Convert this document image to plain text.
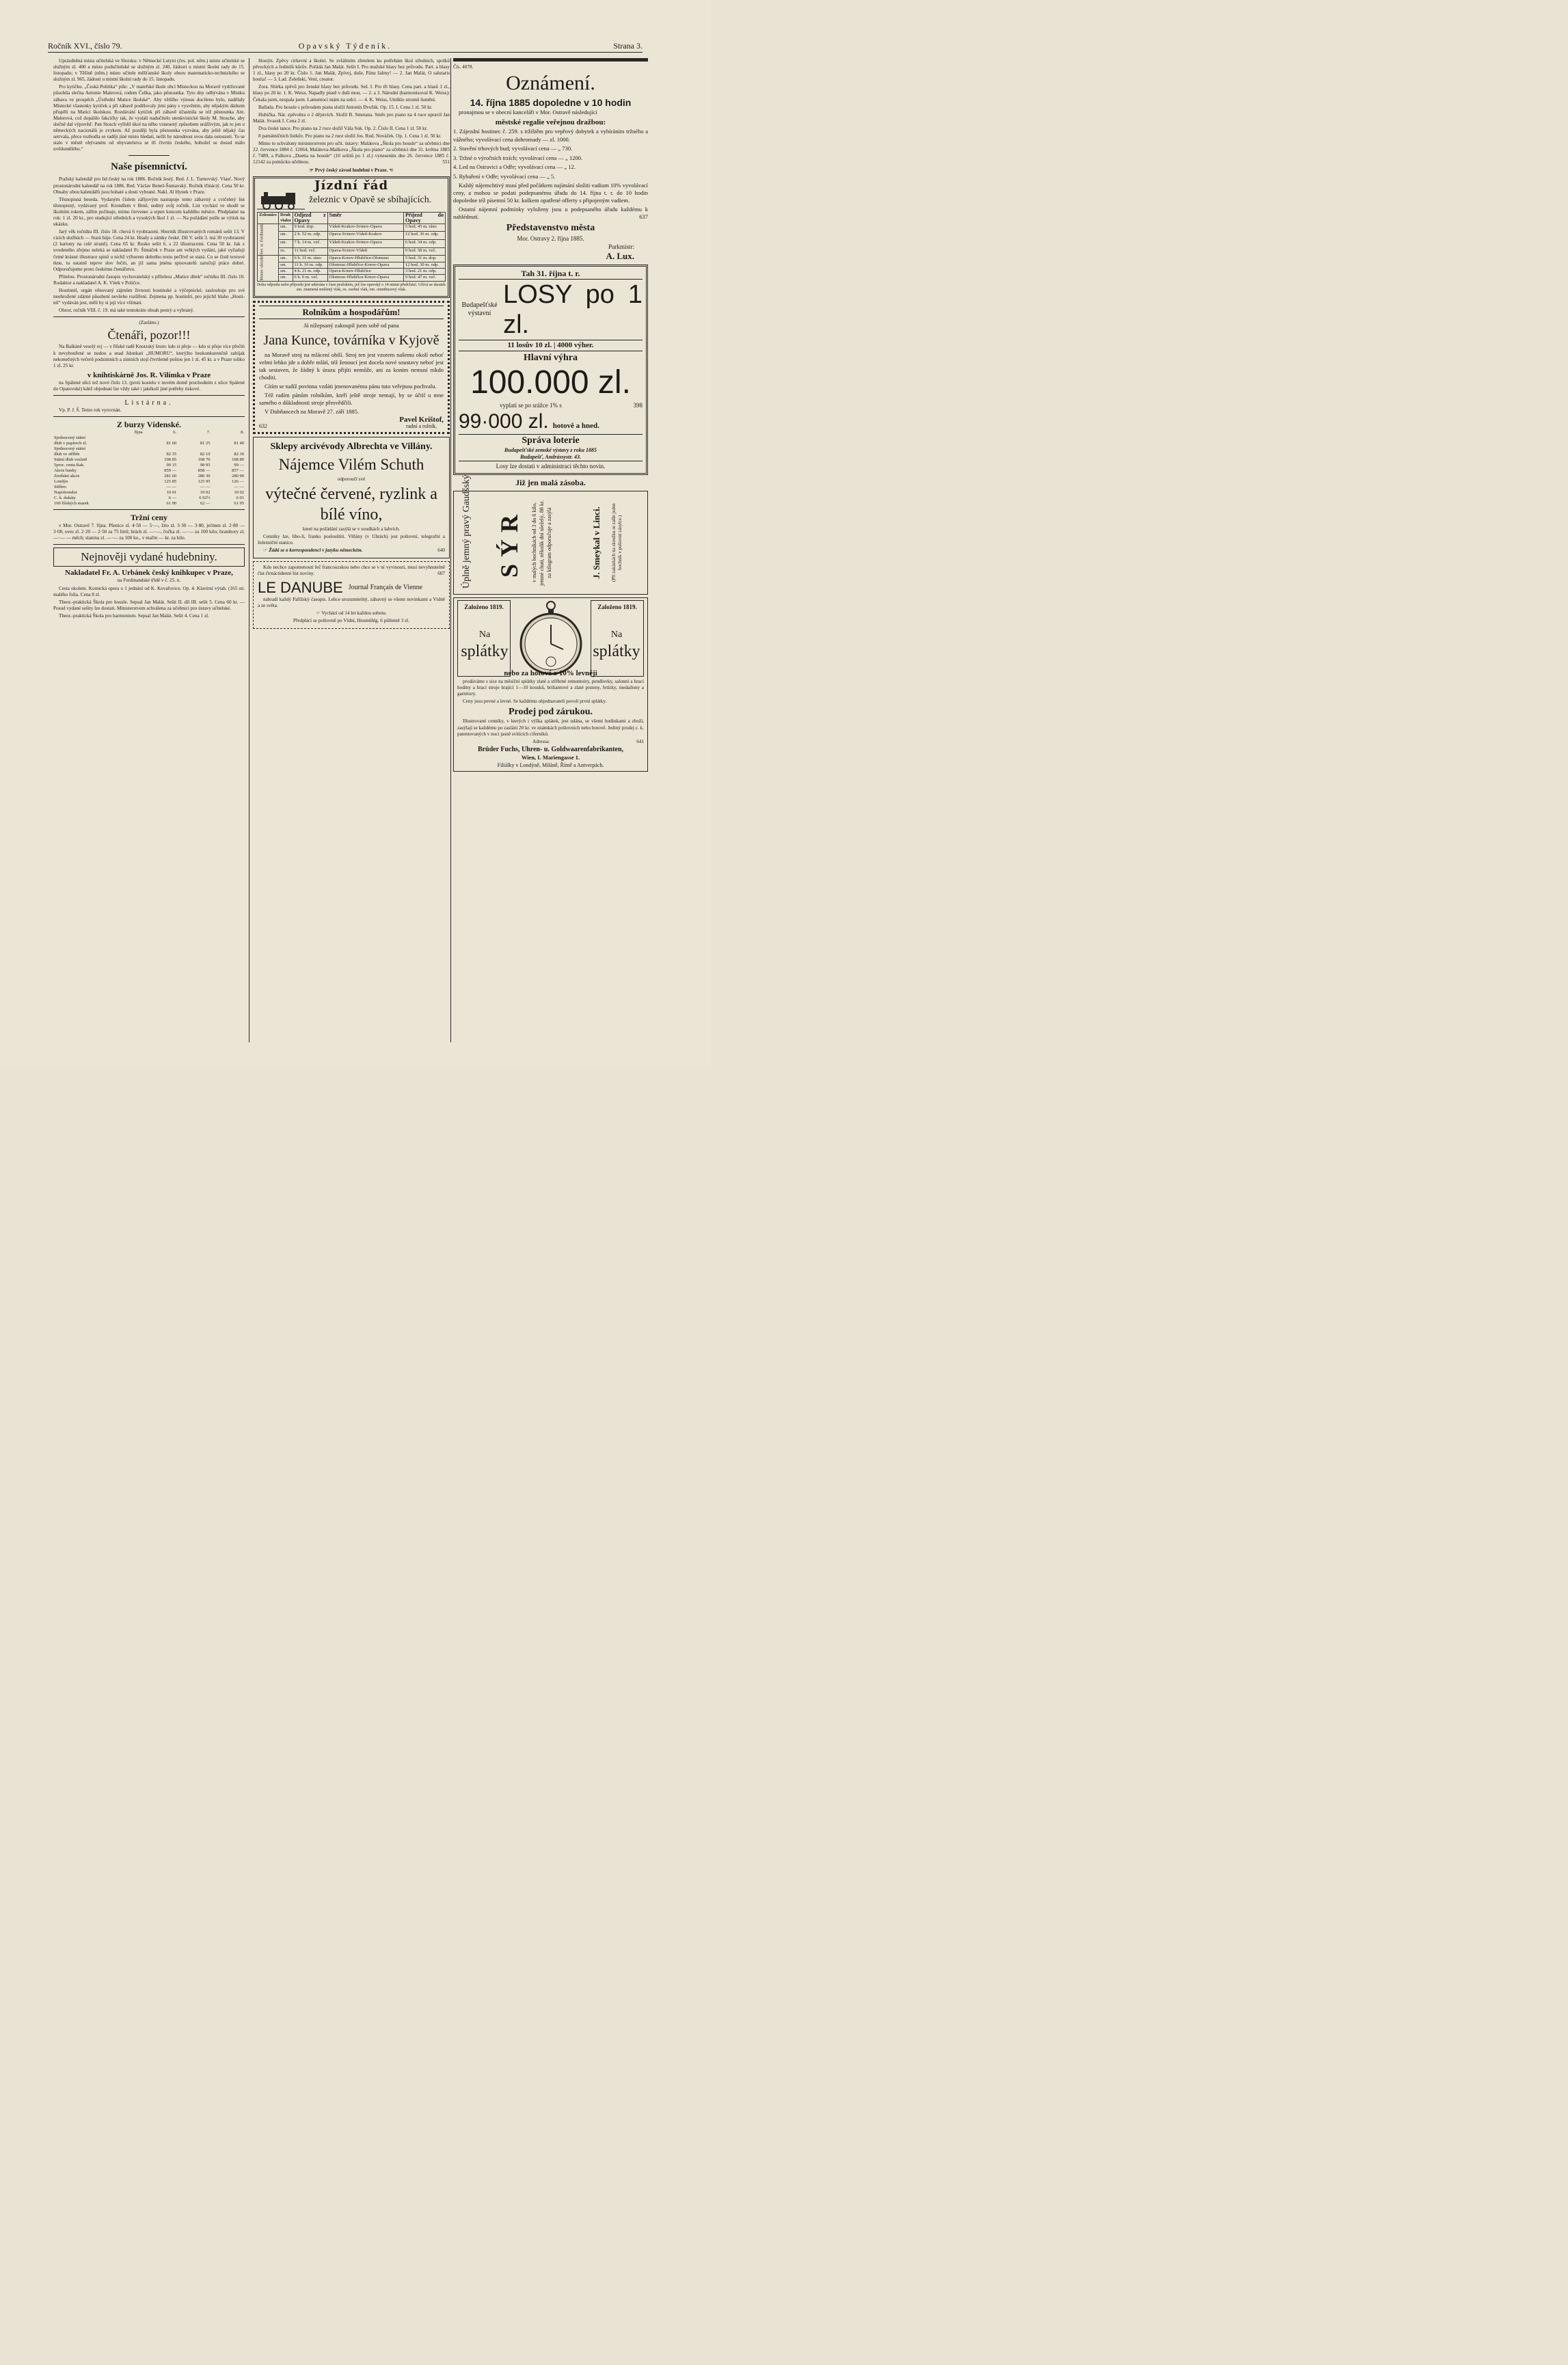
Ročník XVI., číslo 79.	Opavský Týdeník.	Strana 3.

Uprázdněná místa učitelská ve Slezsku: v Německé Lutyni (čes. pol. něm.) místo učitelské se služným zl. 400 a místo podučitelské se služným zl. 240, žádosti u místní školní rady do 15. listopadu; v Těšíně (něm.) místo učitele měšťanské školy oboru matematicko-technického se služným zl. 965, žádosti u místní školní rady do 15. listopadu.

Pro kytičku. „Česká Politika“ píše: „V mateřské škole obcí Místeckou na Moravě vydržované působila slečna Antonie Malerová, rodem Češka, jako pěstounka. Tyto dny odbývána v Místku zábava ve prospěch „Ústřední Matice školské“. Aby většího výnosu docíleno bylo, nadělaly Místecké vlastenky kytiček a při zábavě podělovaly jimi pány s vysvěním, aby nějakým dárkem přispěli na Matici školskou. Rozdávání kytiček při zábavě účastnila se též pěstounka Ant. Malerová, což dopálilo fakcičky tak, že vyslali nadučitelo utenkvistické školy M. Stosche, aby slečně dal výpověď. Pan Stosch vyřídil úkol na něho vznesený způsobem urážlivým, jak to jen u německých nacionálů je zvykem. Až později byla pěstounka vyzvána, aby ještě nějaký čas setrvala, přece rozhodla se raději jiné místo hledati, nežli by národnost svou dala ostouzeti. To se stalo v městě obývaném od obyvatelstva se tří čtvrtin českého, bohužel se dosud málo uvědomělého.“

Naše písemnictví.

Pražský kalendář pro lid český na rok 1886. Ročník šestý. Red. J. L. Turnovský. Vlasť. Nový prostonárodní kalendář na rok 1886. Red. Václav Beneš-Šumavský. Ročník třináctý. Cena 50 kr. Obsahy obou kalendářů jsou bohaté a dosti vybrané. Nakl. Al Hynek v Praze.

Těsnopisná beseda. Vydaným číslem zářijovým nastupuje tento zábavný a cvičebný list těsnopisný, vydávaný prof. Krondlem v Brně, sedmý svůj ročník. List vychází ve shodě se školním rokem, zářím počínaje, mimo červenec a srpen koncem každého měsíce. Předplatné na rok: 1 zl. 20 kr., pro studující středních a vysokých škol 1 zl. — Na požádání pošle se výtisk na ukázku.

Jarý věk ročníku III. číslo 18. chová 6 vyobrazení. Sborník illustrovaných románů sešit 13. V cizích službách — Stará báje. Cena 24 kr. Hrady a zámky české. Díl V. sešit 3. má 30 vyobrazení (2 kartony na celé straně). Cena 65 kr. Rusko sešit 6. s 22 illustracemi. Cena 50 kr. Jak z uvedeného zřejmo neleká se nakladatel Fr. Šimáček v Praze ani velkých vydání, jaké vyžadují četné krásné illustrace spisů u nichž výborem dobrého textu pečlivě se stará. Co se čistě textové tkne, tu ostatně teprve slov řečiti, an již sama jména spisovatelů zaručují práce dobré. Odporučujeme proto českému čtenářstvu.

Přítelou. Prostonárodní časopis vychovatelský s přílohou „Matice dítek“ ročníku III. číslo 10. Rodaktor a nakladatel A. K. Vítek v Poličce.

Hostinnil, orgán věnovaný zájmům živnosti hostinské a výčepnické, zaslouhuje pro své neohrožené zdárné působení nevšeho rozšíření. Zejmena pp. hostinští, pro jejichž blaho „Hostinil“ vydáván jest, měli by si její více všímati.

Obzor, ročník VIII. č. 19. má také tentokráte obsah pestrý a vybraný.

(Zasláno.)

Čtenáři, pozor!!!

Na Balkáně veselý rej — v říšské radě Knotzský šrum: kdo si přeje — kdo si přeje více přečíti k nevybouřené se nudou a snad ždonkati „HUMORU“, kterýžto bezkonkurenčně zabíjak nekonečných večerů podzimních a zimních stojí čtvrtletně poštou jen 1 zl. 45 kr. a v Praze toliko 1 zl. 25 kr.

v knihtiskárně Jos. R. Vilímka v Praze

na Spálené ulici tež nové číslo 13. (proti kostelu v novém domě pruchodním z ulice Spálené do Opatovské) kdež objednati lze vždy také i jakékoli jiné potřeby tiskové.

Listárna.

Vp. P. J. Š. Tento rok vyrovnán.

Z burzy Vídenské.
října	6.	7.	8.
Sjednocený státní			
dluh v papírech zl.	81 60	81 25	81 40
Sjednocený státní			
dluh ve stříbře	82 35	82 10	82 30
Státní dluh vezlatě	108 85	108 70	108 80
5proc. renta Rak.	99 15	98 95	99 —
Akcie banky	859 —	858 —	857 —
Zrediání akcie	281 60	280 30	280 90
Londýn	125 85	125 95	126 —
Stříbro	— —	— —	— —
Napoleondor	10 01	10 02	10 02
C. k. dukáty	6 —	6 02½	6 01
100 říšských marek	61 90	62 —	61 95
Tržní ceny

v Mor. Ostravě 7. října. Pšenice zl. 4·50 — 5·—, žito zl. 3·30 — 3·80, ječmen zl. 2·80 — 3·00, oves zl. 2·20 — 2·50 za 75 litrů; hrách zl. —·—, čočka zl. —·— za 100 kilo; brambory zl. —·— — měch; slanina zl. —·— za 100 ko., v maľm — kr. za kilo.

Nejnověji vydané hudebniny.
Nakladatel Fr. A. Urbánek český knihkupec v Praze,

na Ferdinandské třídě v č. 25. n.

Cesta okolem. Komická opera o 1 jednání od K. Kovařovice. Op. 4. Klavírní výtah. (165 str. malého folia. Cena 8 zl.

Theor.-praktická Škola pro housle. Sepsal Jan Malát. Sešit II. díl III. sešit 5. Cena 60 kr. — Posud vydané sešity lze dostati. Ministerstvem schválena za učebnici pro ústavy učitelské.

Theor.-praktická Škola pro harmonium. Sepsal Jan Malát. Sešit 4. Cena 1 zl.

Hostýn. Zpěvy církevní a školní. Se zvláštním zřetelem ku potřebám škol středních, spolků pěveckých a ředitelů kůrův. Pořádá Jan Malát. Sešit I. Pro mužské hlasy bez průvodu. Part. a hlasy 1 zl., hlasy po 20 kr. Číslo 1. Jan Malát, Zpívej, duše, Pánu žalmy! — 2. Jan Malát, O salutaris hostia! — 3. Lad. Zeleňski, Veni, creator.

Zora. Sbírka zpěvů pro ženské hlasy bez průvodu. Seš. I. Pro tři hlasy. Cena part. a hlasů 1 zl., hlasy po 20 kr. 1. K. Weiss, Napadly písně v duši mou. — 2. a 3. Národní (harmonisoval K. Weiss): Čekala jsem, nespala jsem. Lamentoci mám na srdci. — 4. K. Weiss, Umlklo stromů šumění.

Ballada. Pro housle s průvodem piana složil Antonín Dvořák. Op. 15. I. Cena 1 zl. 50 kr.

Hubička. Nár. zpěvohra o 2 dějstvích. Složil B. Smetana. Směs pro piano na 4 ruce upravil Jan Malát. Svazek I. Cena 2 zl.

Dva české tance. Pro piano na 2 ruce složil Vála Suk. Op. 2. Číslo II. Cena 1 zl. 50 kr.

8 památníčních lístkův. Pro piano na 2 ruce složil Jos. Rud. Nováček. Op. 1. Cena 1 zl. 50 kr.

Mimo to schválony ministerstvem pro učit. ústavy: Malátova „Škola pro housle“ za učebnici dne 22. července 1884 č. 12064, Malátova-Maškova „Škola pro piano“ za učebnici dne 31. května 1885 č. 7489, a Palkova „Duetta na housle“ (10 sešitů po 1 zl.) vynesením dne 26. července 1885 č. 12142 za pomůcku učebnou.	551

☞ Prvý český závod hudební v Praze. ☜

Jízdní řád
železnic v Opavě se sbíhajících.
Zeleznice	Druh vlaku	Odjezd z Opavy	Směr	Příjezd do Opavy
Sev. st. Ferdinanda	sm.	9 hod. dop.	Vídeň-Krakov-Svinov-Opava	5 hod. 45 m. ráno
	sm.	2 h. 52 m. odp.	Opava-Svinov-Vídeň-Krakov	12 hod. 36 m. odp.
	sm.	7 h. 14 m. več.	Vídeň-Krakov-Svinov-Opava	6 hod. 34 m. odp.
	os.	11 hod. več.	Opava-Svinov-Vídeň	9 hod. 58 m. več.
Morav.-slezské	sm.	6 h. 31 m. ráno	Opava-Krnov-Hlubčice-Olomouc	5 hod. 31 m. dop.
	sm.	11 h. 16 m. odp.	Olomouc-Hlubčice-Krnov-Opava	12 hod. 30 m. odp.
	sm.	4 h. 21 m. odp.	Opava-Krnov-Hlubčice	3 hod. 21 m. odp.
	sm.	6 h. 0 m. več.	Olomouc-Hlubčice-Krnov-Opava	9 hod. 47 m. več.

Doba odjezdu nebo příjezdu jest udávána v čase pražském, jež čas opavský o 14 minut předchází. Užívá se zkratek sm. znamená smíšený vlak, os. osobní vlak, om. omnibusový vlak.

Rolníkům a hospodářům!

Já nížepsaný zakoupil jsem sobě od pana

Jana Kunce, továrníka v Kyjově

na Moravě stroj na mlácení obilí. Stroj ten jest vzorem našemu okolí neboť velmi lehko jde a dobře mlátí, též ženoucí jest docela nové soustavy neboť jest tak sestaven, že žádný k úrazu přijíti nemůže, ani za konim nemusí nikdo choditi.

Cítím se tudíž povinna vzdáti jmenovanému pánu tuto veřejnou pochvalu.

Též radím pánům rolníkům, kteří ještě stroje nemají, by se účtil u mne samého o důkladnosti stroje přesvědčili.

V Dubňancech na Moravě 27. září 1885.

632
Pavel Krištof,
radní a rolník.
Sklepy arcivévody Albrechta ve Villány.
Nájemce Vilém Schuth

odporoučí své

výtečné červené, ryzlink a bílé víno,

které na požádání zasýlá se v soudkách a lahvích.

Cenníky lze, libo-li, franko poslouštiti. Villány (v Uhrách) jest poštovní, telegrafní a železniční stanice.

☞ Žádá se o korrespondenci v jazyku německém.	640

Kdo nechce zapomenouti řeč francouzskou nebo chce se v ní vyvinouti, musí nevyhnutelně číst čtrnáctidenní list noviny.	607

LE DANUBE Journal Français de Vienne

nabradí každý Pařížský časopis. Lehce srozumitelný, zábavný se všemi novinkami a Vídně a ze světa.

☞ Vychází od 14 let každou sobotu.

Předplácí se poštovně po Vídni, Heumühlg. 6 půlletně 3 zl.

Čís. 4078.
Oznámení.
14. října 1885 dopoledne v 10 hodin

pronajmou se v obecní kanceláři v Mor. Ostravě následující

městské regalie veřejnou dražbou:

1. Zájezdní hostinec č. 259. s tržištěm pro vepřový dobytek a vybíráním tržného a vážného; vyvolávací cena dohromady — zl. 1000.

2. Stavění trhových bud; vyvolávací cena — „ 730.

3. Tržné o výročních trzích; vyvolávací cena — „ 1200.

4. Led na Ostravici a Odře; vyvolávací cena — „ 12.

5. Rybaření v Odře; vyvolávací cena — „ 5.

Každý nájemchtivý musí před počátkem najímání složiti vadium 10% vyvolávací ceny, a mohou se podati podepsanému úřadu do 14. října t. r. do 10 hodin dopoledne též písemní 50 kr. kolkem opatřené offerty s připojeným vadiem.

Ostatní nájemní podmínky vyloženy jsou u podepsaného úřadu každému k nahlédnutí.	637

Představenstvo města
Mor. Ostravy 2. října 1885.
Purkmistr:
A. Lux.
Tah 31. října t. r.
Budapešťské výstavní
LOSY po 1 zl.
11 losův 10 zl. | 4000 výher.
Hlavní výhra
100.000 zl.
vyplatí se po srážce 1% s	398
99·000 zl. hotově a hned.
Správa loterie
Budapešťské zemské výstavy z roku 1885
Budapešť, Andrássystr. 43.
Losy lze dostati v administraci těchto novin.
Již jen malá zásoba.
Úplně jemný pravý Gaudšský SÝR v malých bochníkách od 3 do 6 kilo, jemné chuti, několik dní uleželý, 88 kr. za kilogram odporučuje a zasýlá	J. Smeykal v Linci. (Při zakázkách na skoušku se zašle jeden bochník v poštovní zásylce.)
Založeno 1819.	Založeno 1819.
Na
splátky
Na
splátky
nebo za hotové o 10% levněji

prodáváme s sice na měsíční splátky zlaté a stříbrné remontoiry, pendlovky, salonní a hrací hodiny a hrací stroje hrající 1—10 kousků, briliantové a zlaté prsteny, řetízky, medailony a garnitury.

Ceny jsou pevné a levné. Se každému objednavateli povolí první splátky.

Prodej pod zárukou.

Illustrované cenníky, v kterých i výška splátek, jest udána, se všemi hodinkami a zboží, zasýlají se každému po zaslání 20 kr. ve známkách poštovních nebo hotově. Jediný prodej c. k. patentovaných v noci jasně svítících ciferníků.

Adressa:	641
Brüder Fuchs, Uhren- u. Goldwaarenfabrikanten,
Wien, I. Mariengasse 1.
Filiálky v Londýně, Miláně, Římě a Antverpách.
